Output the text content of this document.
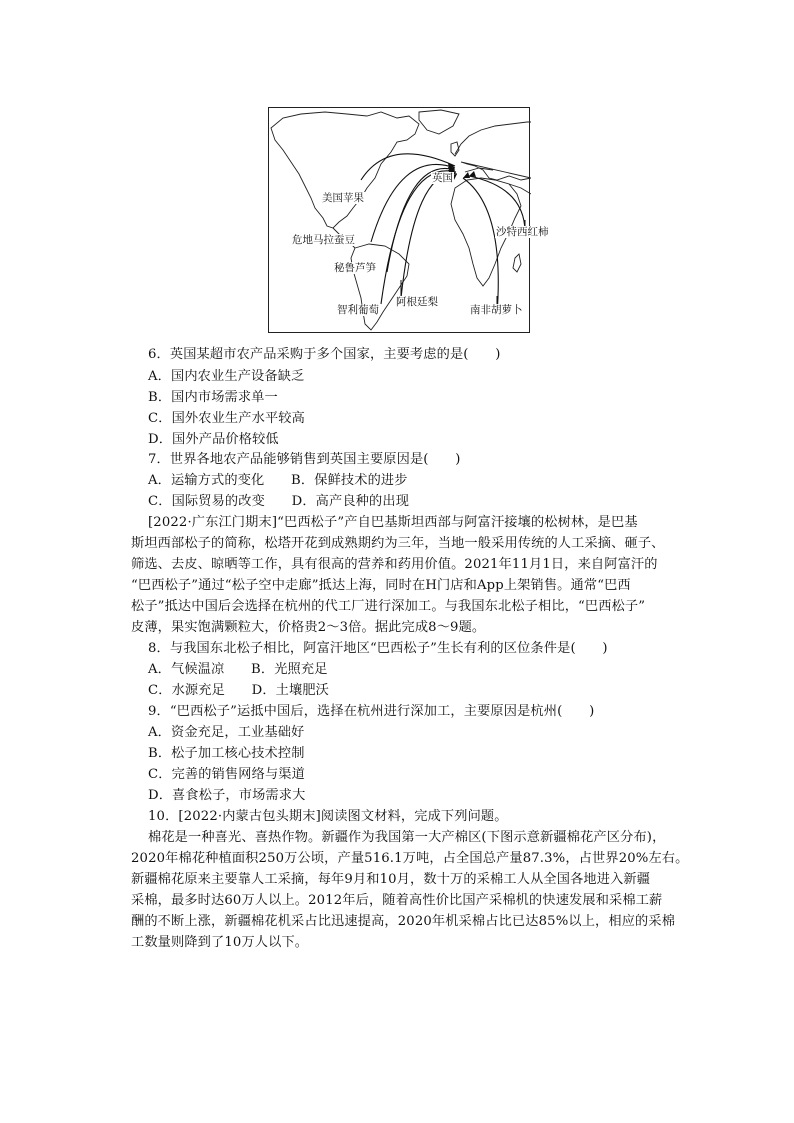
英国
美国苹果
危地马拉蚕豆
秘鲁芦笋
智利葡萄
阿根廷梨
沙特西红柿
南非胡萝卜
6．英国某超市农产品采购于多个国家，主要考虑的是(　　)
A．国内农业生产设备缺乏
B．国内市场需求单一
C．国外农业生产水平较高
D．国外产品价格较低
7．世界各地农产品能够销售到英国主要原因是(　　)
A．运输方式的变化　　B．保鲜技术的进步
C．国际贸易的改变　　D．高产良种的出现
[2022·广东江门期末]“巴西松子”产自巴基斯坦西部与阿富汗接壤的松树林，是巴基
斯坦西部松子的简称，松塔开花到成熟期约为三年，当地一般采用传统的人工采摘、砸子、
筛选、去皮、晾晒等工作，具有很高的营养和药用价值。2021年11月1日，来自阿富汗的
“巴西松子”通过“松子空中走廊”抵达上海，同时在H门店和App上架销售。通常“巴西
松子”抵达中国后会选择在杭州的代工厂进行深加工。与我国东北松子相比，“巴西松子”
皮薄，果实饱满颗粒大，价格贵2～3倍。据此完成8～9题。
8．与我国东北松子相比，阿富汗地区“巴西松子”生长有利的区位条件是(　　)
A．气候温凉　　B．光照充足
C．水源充足　　D．土壤肥沃
9．“巴西松子”运抵中国后，选择在杭州进行深加工，主要原因是杭州(　　)
A．资金充足，工业基础好
B．松子加工核心技术控制
C．完善的销售网络与渠道
D．喜食松子，市场需求大
10．[2022·内蒙古包头期末]阅读图文材料，完成下列问题。
棉花是一种喜光、喜热作物。新疆作为我国第一大产棉区(下图示意新疆棉花产区分布)，
2020年棉花种植面积250万公顷，产量516.1万吨，占全国总产量87.3%，占世界20%左右。
新疆棉花原来主要靠人工采摘，每年9月和10月，数十万的采棉工人从全国各地进入新疆
采棉，最多时达60万人以上。2012年后，随着高性价比国产采棉机的快速发展和采棉工薪
酬的不断上涨，新疆棉花机采占比迅速提高，2020年机采棉占比已达85%以上，相应的采棉
工数量则降到了10万人以下。
